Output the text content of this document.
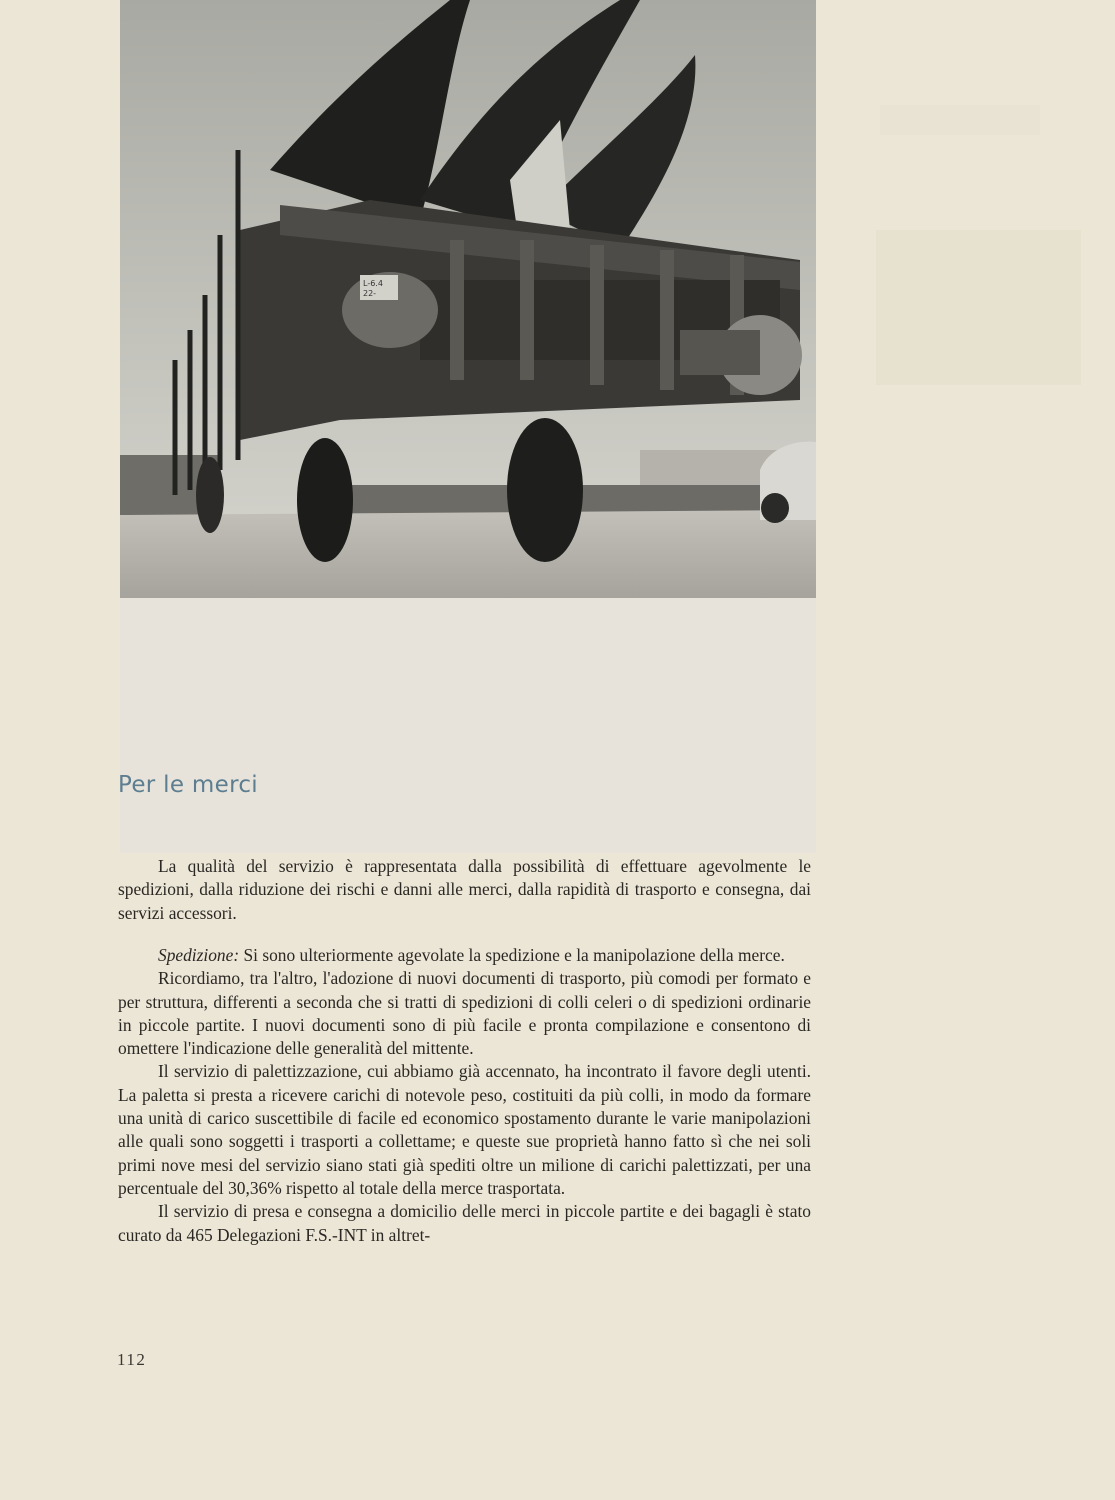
L-6.4
22-
Per le merci

La qualità del servizio è rappresentata dalla possibilità di effettuare agevolmente le spedizioni, dalla riduzione dei rischi e danni alle merci, dalla rapidità di trasporto e consegna, dai servizi accessori.

Spedizione: Si sono ulteriormente agevolate la spedizione e la manipolazione della merce.

Ricordiamo, tra l'altro, l'adozione di nuovi documenti di trasporto, più comodi per formato e per struttura, differenti a seconda che si tratti di spedizioni di colli celeri o di spedizioni ordinarie in piccole partite. I nuovi documenti sono di più facile e pronta compilazione e consentono di omettere l'indicazione delle generalità del mittente.

Il servizio di palettizzazione, cui abbiamo già accennato, ha incontrato il favore degli utenti. La paletta si presta a ricevere carichi di notevole peso, costituiti da più colli, in modo da formare una unità di carico suscettibile di facile ed economico spostamento durante le varie manipolazioni alle quali sono soggetti i trasporti a collettame; e queste sue proprietà hanno fatto sì che nei soli primi nove mesi del servizio siano stati già spediti oltre un milione di carichi palettizzati, per una percentuale del 30,36% rispetto al totale della merce trasportata.

Il servizio di presa e consegna a domicilio delle merci in piccole partite e dei bagagli è stato curato da 465 Delegazioni F.S.-INT in altret-

112
